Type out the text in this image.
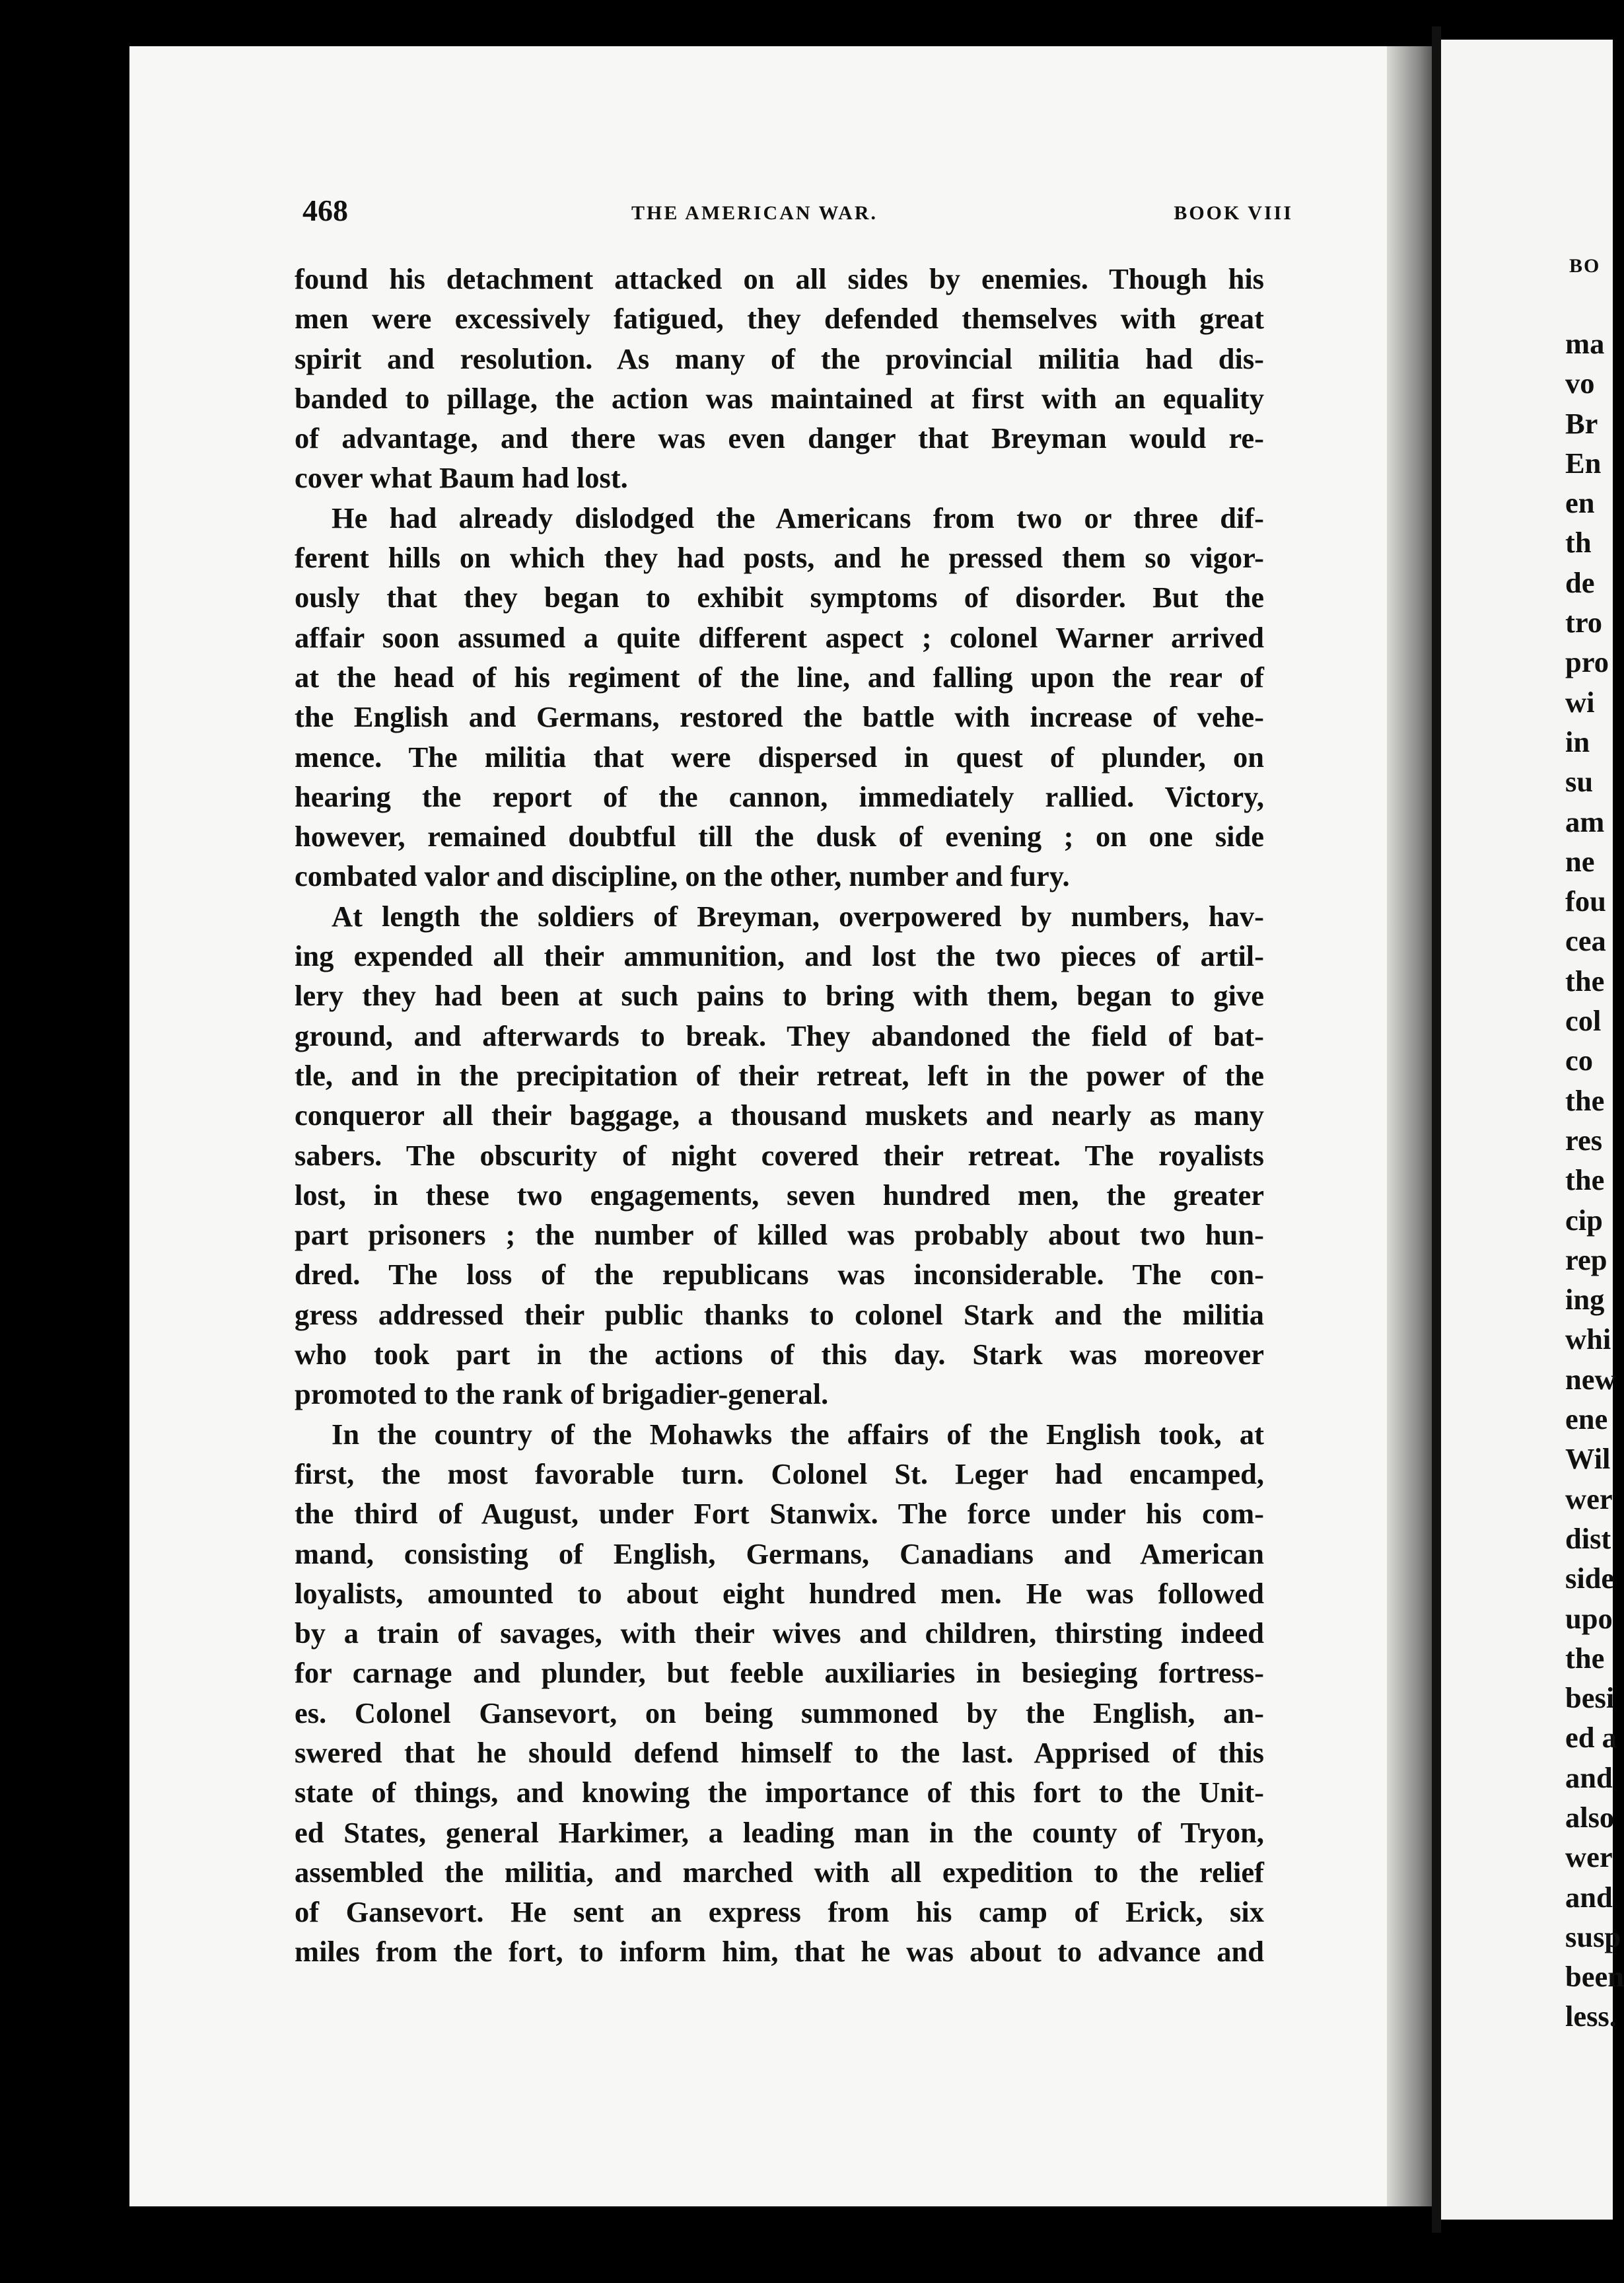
468	THE AMERICAN WAR.	BOOK VIII
found his detachment attacked on all sides by enemies. Though his
men were excessively fatigued, they defended themselves with great
spirit and resolution. As many of the provincial militia had dis-
banded to pillage, the action was maintained at first with an equality
of advantage, and there was even danger that Breyman would re-
cover what Baum had lost.
He had already dislodged the Americans from two or three dif-
ferent hills on which they had posts, and he pressed them so vigor-
ously that they began to exhibit symptoms of disorder. But the
affair soon assumed a quite different aspect ; colonel Warner arrived
at the head of his regiment of the line, and falling upon the rear of
the English and Germans, restored the battle with increase of vehe-
mence. The militia that were dispersed in quest of plunder, on
hearing the report of the cannon, immediately rallied. Victory,
however, remained doubtful till the dusk of evening ; on one side
combated valor and discipline, on the other, number and fury.
At length the soldiers of Breyman, overpowered by numbers, hav-
ing expended all their ammunition, and lost the two pieces of artil-
lery they had been at such pains to bring with them, began to give
ground, and afterwards to break. They abandoned the field of bat-
tle, and in the precipitation of their retreat, left in the power of the
conqueror all their baggage, a thousand muskets and nearly as many
sabers. The obscurity of night covered their retreat. The royalists
lost, in these two engagements, seven hundred men, the greater
part prisoners ; the number of killed was probably about two hun-
dred. The loss of the republicans was inconsiderable. The con-
gress addressed their public thanks to colonel Stark and the militia
who took part in the actions of this day. Stark was moreover
promoted to the rank of brigadier-general.
In the country of the Mohawks the affairs of the English took, at
first, the most favorable turn. Colonel St. Leger had encamped,
the third of August, under Fort Stanwix. The force under his com-
mand, consisting of English, Germans, Canadians and American
loyalists, amounted to about eight hundred men. He was followed
by a train of savages, with their wives and children, thirsting indeed
for carnage and plunder, but feeble auxiliaries in besieging fortress-
es. Colonel Gansevort, on being summoned by the English, an-
swered that he should defend himself to the last. Apprised of this
state of things, and knowing the importance of this fort to the Unit-
ed States, general Harkimer, a leading man in the county of Tryon,
assembled the militia, and marched with all expedition to the relief
of Gansevort. He sent an express from his camp of Erick, six
miles from the fort, to inform him, that he was about to advance and
BO
ma
vo
Br
En
en
th
de
tro
pro
wi
in
su
am
ne
fou
cea
the
col
co
the
res
the
cip
rep
ing
whi
new
ene
Wil
wer
dist
side
upo
the
besi
ed a
and
also
wer
and
susp
been
less.
